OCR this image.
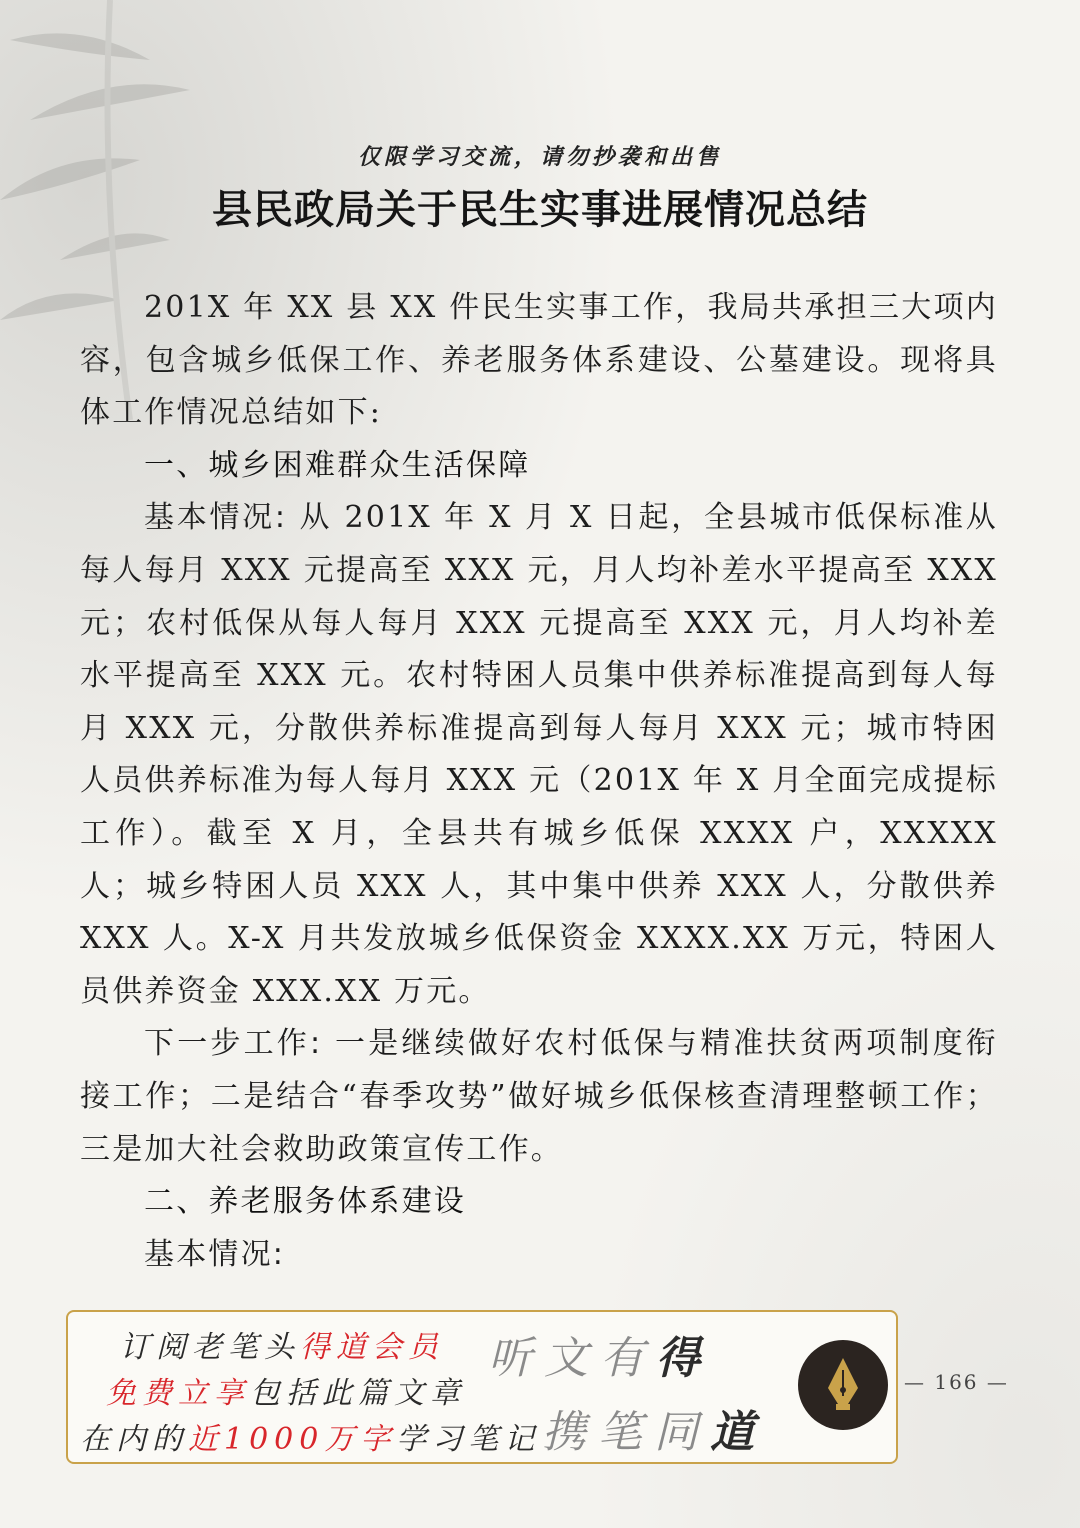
仅限学习交流，请勿抄袭和出售
县民政局关于民生实事进展情况总结

201X 年 XX 县 XX 件民生实事工作，我局共承担三大项内容，包含城乡低保工作、养老服务体系建设、公墓建设。现将具体工作情况总结如下:

一、城乡困难群众生活保障

基本情况: 从 201X 年 X 月 X 日起，全县城市低保标准从每人每月 XXX 元提高至 XXX 元，月人均补差水平提高至 XXX 元；农村低保从每人每月 XXX 元提高至 XXX 元，月人均补差水平提高至 XXX 元。农村特困人员集中供养标准提高到每人每月 XXX 元，分散供养标准提高到每人每月 XXX 元；城市特困人员供养标准为每人每月 XXX 元（201X 年 X 月全面完成提标工作）。截至 X 月，全县共有城乡低保 XXXX 户，XXXXX 人；城乡特困人员 XXX 人，其中集中供养 XXX 人，分散供养 XXX 人。X-X 月共发放城乡低保资金 XXXX.XX 万元，特困人员供养资金 XXX.XX 万元。

下一步工作: 一是继续做好农村低保与精准扶贫两项制度衔接工作；二是结合“春季攻势”做好城乡低保核查清理整顿工作；三是加大社会救助政策宣传工作。

二、养老服务体系建设

基本情况:

订阅老笔头得道会员
免费立享包括此篇文章
在内的近1000万字学习笔记
听文有得
携笔同道
— 166 —
